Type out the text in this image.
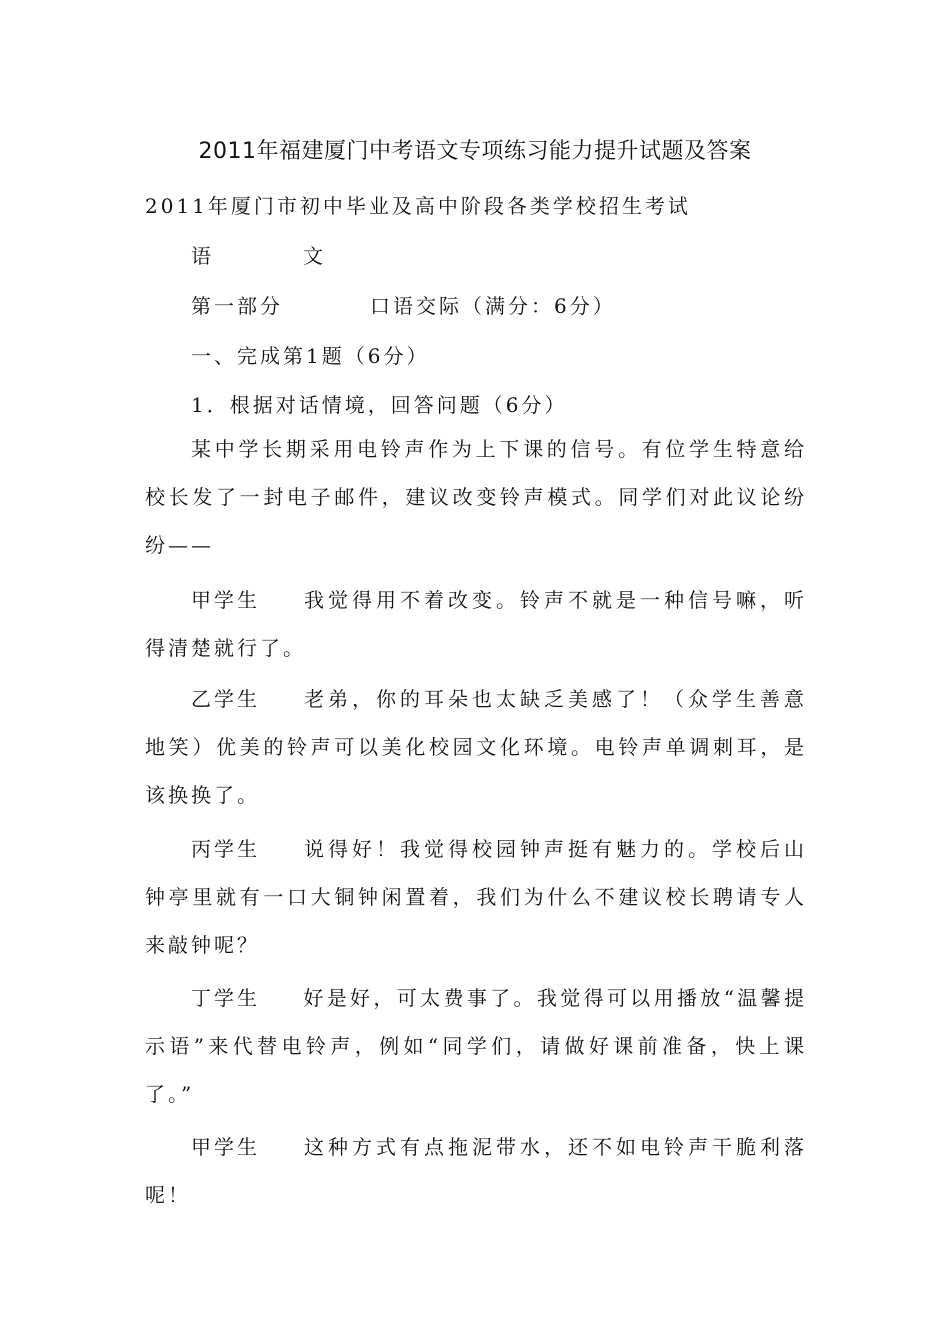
2011年福建厦门中考语文专项练习能力提升试题及答案
2011年厦门市初中毕业及高中阶段各类学校招生考试
语	文
第一部分	口语交际（满分：6分）
一、完成第1题（6分）
1．根据对话情境，回答问题（6分）
某中学长期采用电铃声作为上下课的信号。有位学生特意给校长发了一封电子邮件，建议改变铃声模式。同学们对此议论纷纷——
甲学生 我觉得用不着改变。铃声不就是一种信号嘛，听得清楚就行了。
乙学生 老弟，你的耳朵也太缺乏美感了！（众学生善意地笑）优美的铃声可以美化校园文化环境。电铃声单调刺耳，是该换换了。
丙学生 说得好！我觉得校园钟声挺有魅力的。学校后山钟亭里就有一口大铜钟闲置着，我们为什么不建议校长聘请专人来敲钟呢？
丁学生 好是好，可太费事了。我觉得可以用播放“温馨提示语”来代替电铃声，例如“同学们，请做好课前准备，快上课了。”
甲学生 这种方式有点拖泥带水，还不如电铃声干脆利落呢！
